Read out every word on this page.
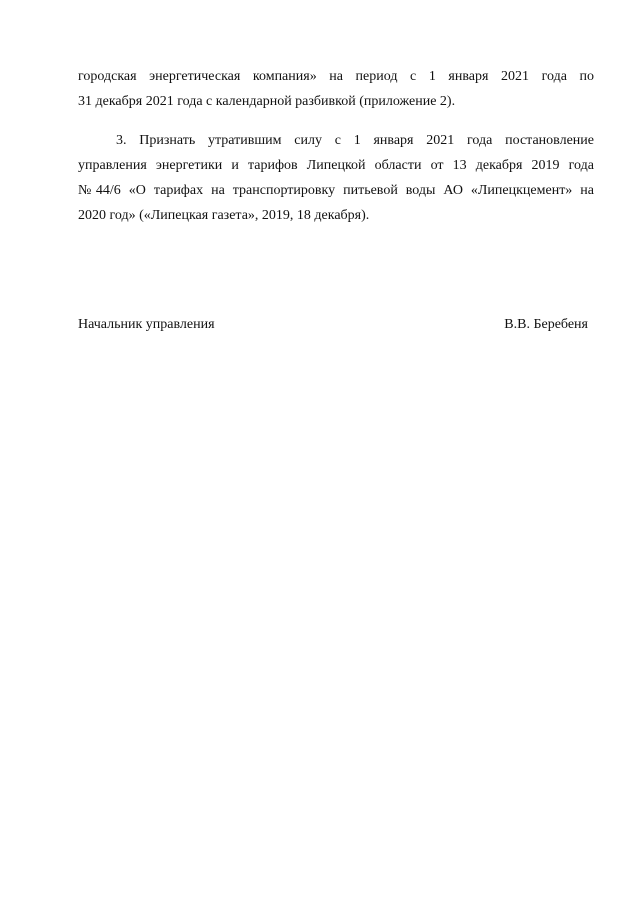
городская энергетическая компания» на период с 1 января 2021 года по
31 декабря 2021 года с календарной разбивкой (приложение 2).
3. Признать утратившим силу с 1 января 2021 года постановление
управления энергетики и тарифов Липецкой области от 13 декабря 2019 года
№44/6 «О тарифах на транспортировку питьевой воды АО «Липецкцемент» на
2020 год» («Липецкая газета», 2019, 18 декабря).
Начальник управления	В.В. Беребеня
